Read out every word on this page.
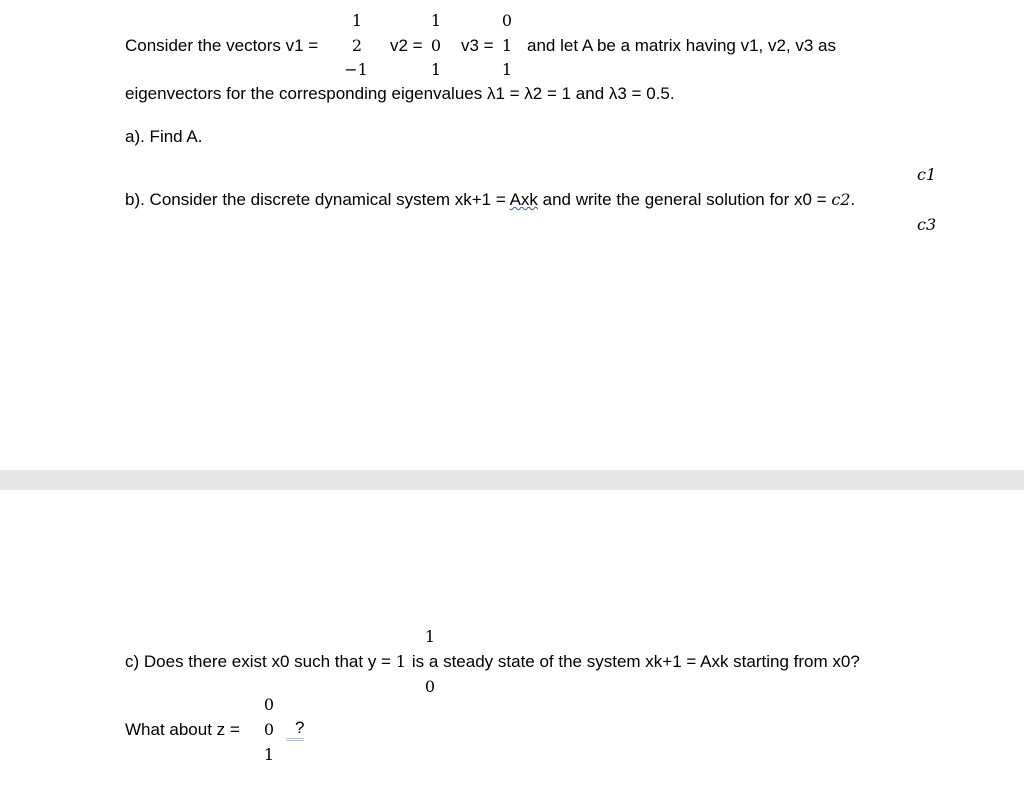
Consider the vectors v1 =
1
2
−1
v2 =
1
0
1
v3 =
0
1
1
and let A be a matrix having v1, v2, v3 as
eigenvectors for the corresponding eigenvalues λ1 = λ2 = 1 and λ3 = 0.5.
a). Find A.
c1
b). Consider the discrete dynamical system xk+1 = Axk and write the general solution for x0 = c2.
c3
1
c) Does there exist x0 such that y = 1 is a steady state of the system xk+1 = Axk starting from x0?
0
0
What about z = 0	?
1
